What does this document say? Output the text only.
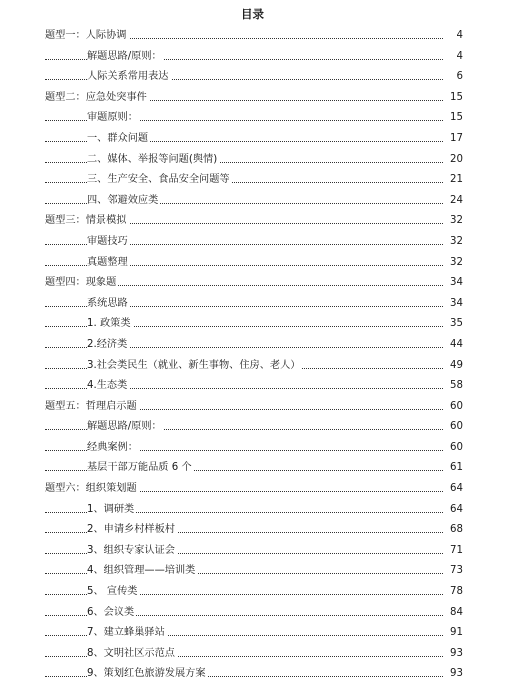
目录
题型一：人际协调	4
解题思路/原则：	4
人际关系常用表达	6
题型二：应急处突事件	15
审题原则：	15
一、群众问题	17
二、媒体、举报等问题(舆情)	20
三、生产安全、食品安全问题等	21
四、邻避效应类	24
题型三：情景模拟	32
审题技巧	32
真题整理	32
题型四：现象题	34
系统思路	34
1. 政策类	35
2.经济类	44
3.社会类民生（就业、新生事物、住房、老人）	49
4.生态类	58
题型五：哲理启示题	60
解题思路/原则：	60
经典案例：	60
基层干部万能品质 6 个	61
题型六：组织策划题	64
1、调研类	64
2、申请乡村样板村	68
3、组织专家认证会	71
4、组织管理——培训类	73
5、 宣传类	78
6、会议类	84
7、建立蜂巢驿站	91
8、文明社区示范点	93
9、策划红色旅游发展方案	93
